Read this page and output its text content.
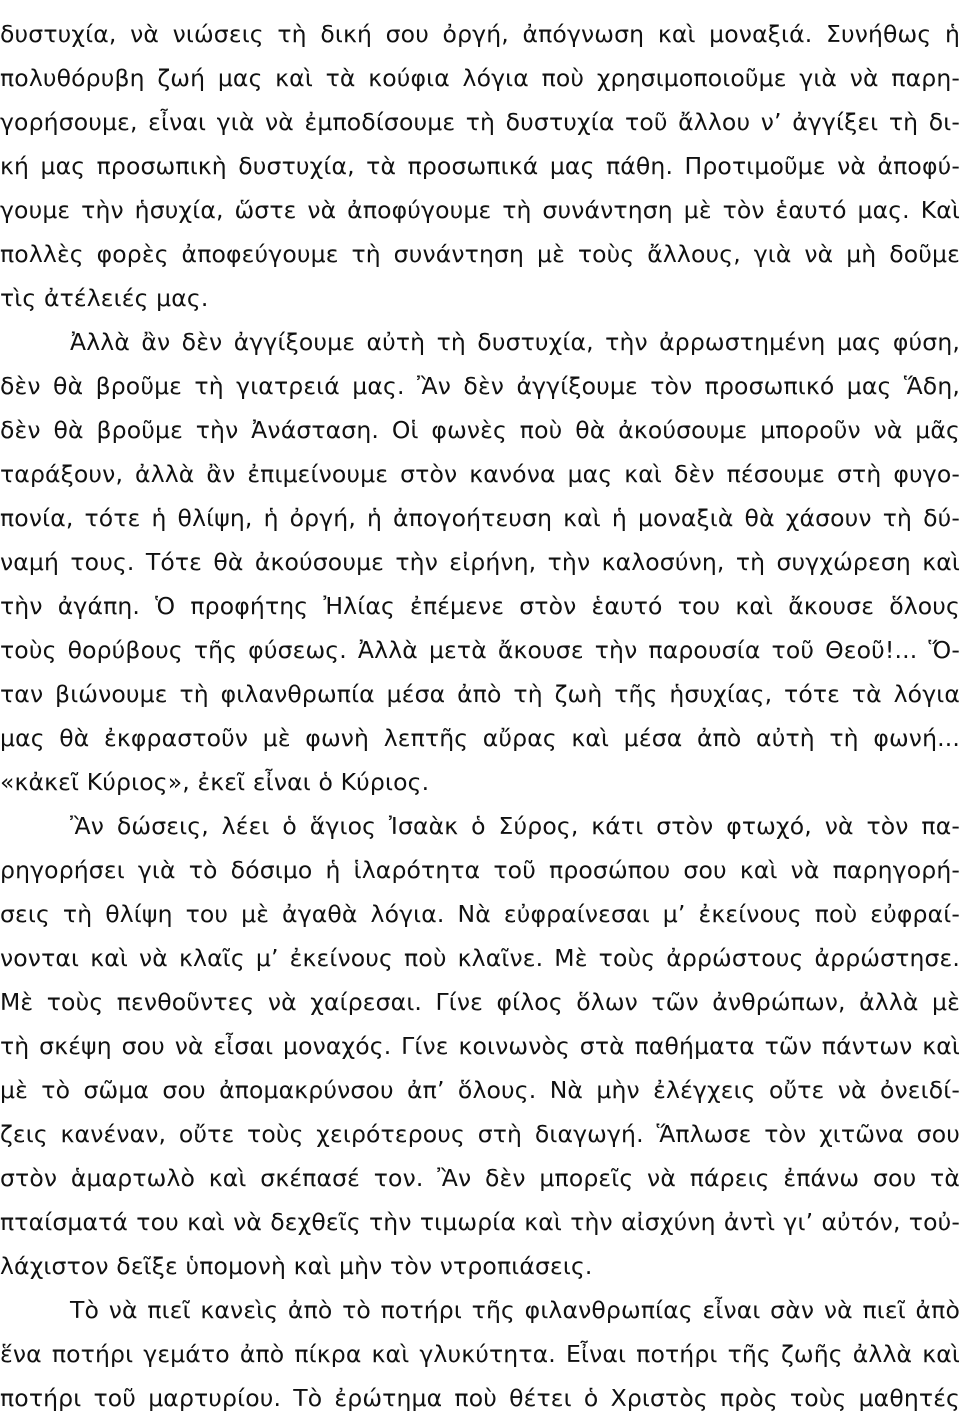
δυστυχία, νὰ νιώσεις τὴ δική σου ὀργή, ἀπόγνωση καὶ μοναξιά. Συνήθως ἡ
πολυθόρυβη ζωή μας καὶ τὰ κούφια λόγια ποὺ χρησιμοποιοῦμε γιὰ νὰ παρη-
γορήσουμε, εἶναι γιὰ νὰ ἐμποδίσουμε τὴ δυστυχία τοῦ ἄλλου ν’ ἀγγίξει τὴ δι-
κή μας προσωπικὴ δυστυχία, τὰ προσωπικά μας πάθη. Προτιμοῦμε νὰ ἀποφύ-
γουμε τὴν ἡσυχία, ὥστε νὰ ἀποφύγουμε τὴ συνάντηση μὲ τὸν ἑαυτό μας. Καὶ
πολλὲς φορὲς ἀποφεύγουμε τὴ συνάντηση μὲ τοὺς ἄλλους, γιὰ νὰ μὴ δοῦμε
τὶς ἀτέλειές μας.
Ἀλλὰ ἂν δὲν ἀγγίξουμε αὐτὴ τὴ δυστυχία, τὴν ἀρρωστημένη μας φύση,
δὲν θὰ βροῦμε τὴ γιατρειά μας. Ἂν δὲν ἀγγίξουμε τὸν προσωπικό μας Ἅδη,
δὲν θὰ βροῦμε τὴν Ἀνάσταση. Οἱ φωνὲς ποὺ θὰ ἀκούσουμε μποροῦν νὰ μᾶς
ταράξουν, ἀλλὰ ἂν ἐπιμείνουμε στὸν κανόνα μας καὶ δὲν πέσουμε στὴ φυγο-
πονία, τότε ἡ θλίψη, ἡ ὀργή, ἡ ἀπογοήτευση καὶ ἡ μοναξιὰ θὰ χάσουν τὴ δύ-
ναμή τους. Τότε θὰ ἀκούσουμε τὴν εἰρήνη, τὴν καλοσύνη, τὴ συγχώρεση καὶ
τὴν ἀγάπη. Ὁ προφήτης Ἠλίας ἐπέμενε στὸν ἑαυτό του καὶ ἄκουσε ὅλους
τοὺς θορύβους τῆς φύσεως. Ἀλλὰ μετὰ ἄκουσε τὴν παρουσία τοῦ Θεοῦ!... Ὅ-
ταν βιώνουμε τὴ φιλανθρωπία μέσα ἀπὸ τὴ ζωὴ τῆς ἡσυχίας, τότε τὰ λόγια
μας θὰ ἐκφραστοῦν μὲ φωνὴ λεπτῆς αὔρας καὶ μέσα ἀπὸ αὐτὴ τὴ φωνή...
«κἀκεῖ Κύριος», ἐκεῖ εἶναι ὁ Κύριος.
Ἂν δώσεις, λέει ὁ ἅγιος Ἰσαὰκ ὁ Σύρος, κάτι στὸν φτωχό, νὰ τὸν πα-
ρηγορήσει γιὰ τὸ δόσιμο ἡ ἱλαρότητα τοῦ προσώπου σου καὶ νὰ παρηγορή-
σεις τὴ θλίψη του μὲ ἀγαθὰ λόγια. Νὰ εὐφραίνεσαι μ’ ἐκείνους ποὺ εὐφραί-
νονται καὶ νὰ κλαῖς μ’ ἐκείνους ποὺ κλαῖνε. Μὲ τοὺς ἀρρώστους ἀρρώστησε.
Μὲ τοὺς πενθοῦντες νὰ χαίρεσαι. Γίνε φίλος ὅλων τῶν ἀνθρώπων, ἀλλὰ μὲ
τὴ σκέψη σου νὰ εἶσαι μοναχός. Γίνε κοινωνὸς στὰ παθήματα τῶν πάντων καὶ
μὲ τὸ σῶμα σου ἀπομακρύνσου ἀπ’ ὅλους. Νὰ μὴν ἐλέγχεις οὔτε νὰ ὀνειδί-
ζεις κανέναν, οὔτε τοὺς χειρότερους στὴ διαγωγή. Ἅπλωσε τὸν χιτῶνα σου
στὸν ἁμαρτωλὸ καὶ σκέπασέ τον. Ἂν δὲν μπορεῖς νὰ πάρεις ἐπάνω σου τὰ
πταίσματά του καὶ νὰ δεχθεῖς τὴν τιμωρία καὶ τὴν αἰσχύνη ἀντὶ γι’ αὐτόν, τοὐ-
λάχιστον δεῖξε ὑπομονὴ καὶ μὴν τὸν ντροπιάσεις.
Τὸ νὰ πιεῖ κανεὶς ἀπὸ τὸ ποτήρι τῆς φιλανθρωπίας εἶναι σὰν νὰ πιεῖ ἀπὸ
ἕνα ποτήρι γεμάτο ἀπὸ πίκρα καὶ γλυκύτητα. Εἶναι ποτήρι τῆς ζωῆς ἀλλὰ καὶ
ποτήρι τοῦ μαρτυρίου. Τὸ ἐρώτημα ποὺ θέτει ὁ Χριστὸς πρὸς τοὺς μαθητές
